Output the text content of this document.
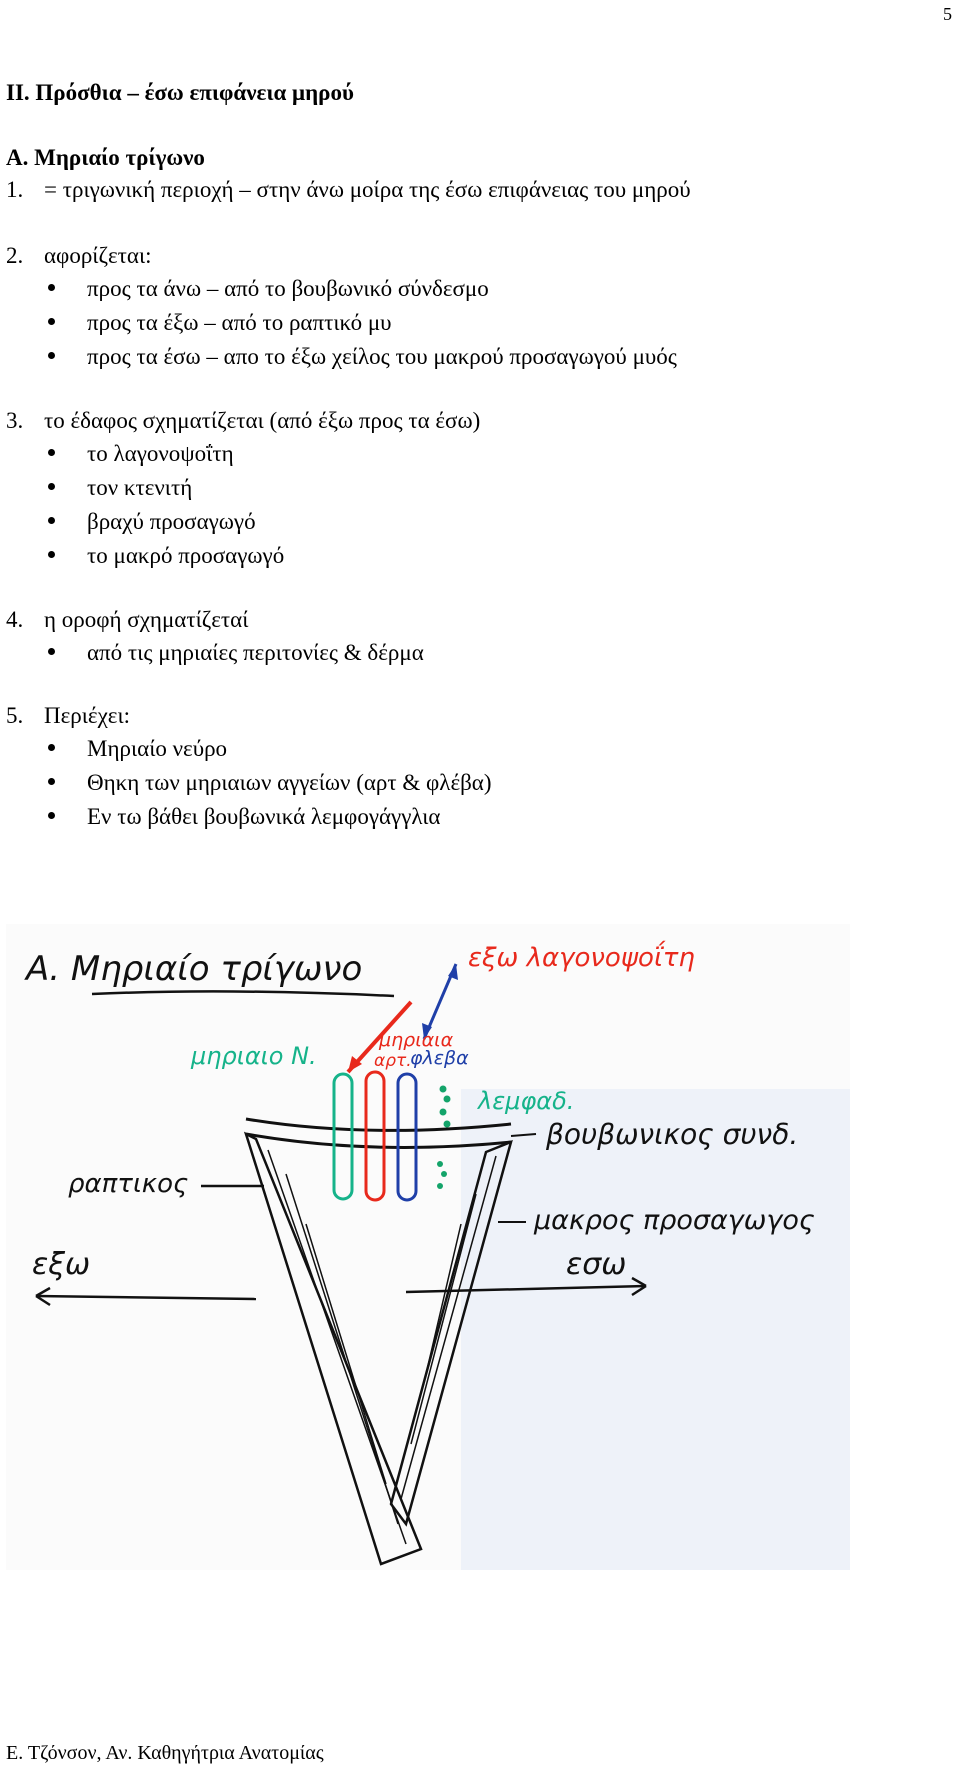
5
II. Πρόσθια – έσω επιφάνεια μηρού
Α. Μηριαίο τρίγωνο
1. = τριγωνική περιοχή – στην άνω μοίρα της έσω επιφάνειας του μηρού
2. αφορίζεται:
προς τα άνω – από το βουβωνικό σύνδεσμο
προς τα έξω – από το ραπτικό μυ
προς τα έσω – απο το έξω χείλος του μακρού προσαγωγού μυός
3. το έδαφος σχηματίζεται (από έξω προς τα έσω)
το λαγονοψοΐτη
τον κτενιτή
βραχύ προσαγωγό
το μακρό προσαγωγό
4. η οροφή σχηματίζεταί
από τις μηριαίες περιτονίες & δέρμα
5. Περιέχει:
Μηριαίο νεύρο
Θηκη των μηριαιων αγγείων (αρτ & φλέβα)
Εν τω βάθει βουβωνικά λεμφογάγγλια
Α. Μηριαίο τρίγωνο	εξω λαγονοψοΐτη
μηριαια
αρτ.
φλεβα
μηριαιο Ν.
λεμφαδ.
βουβωνικος συνδ.
ραπτικος
μακρος προσαγωγος
εξω	εσω
Ε. Τζόνσον, Αν. Καθηγήτρια Ανατομίας
